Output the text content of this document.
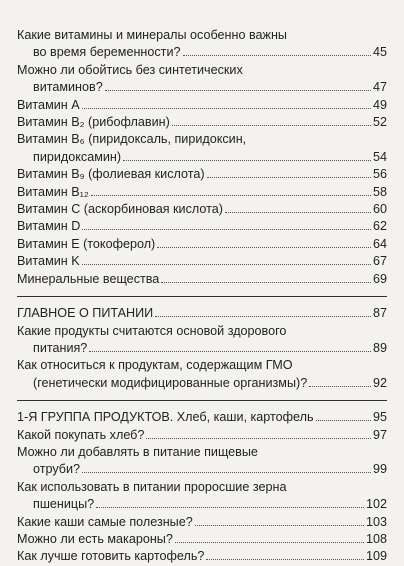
Какие витамины и минералы особенно важны
во время беременности?	45
Можно ли обойтись без синтетических
витаминов?	47
Витамин А	49
Витамин B₂ (рибофлавин)	52
Витамин B₆ (пиридоксаль, пиридоксин,
пиридоксамин)	54
Витамин B₉ (фолиевая кислота)	56
Витамин B₁₂	58
Витамин С (аскорбиновая кислота)	60
Витамин D	62
Витамин Е (токоферол)	64
Витамин K	67
Минеральные вещества	69
ГЛАВНОЕ О ПИТАНИИ	87
Какие продукты считаются основой здорового
питания?	89
Как относиться к продуктам, содержащим ГМО
(генетически модифицированные организмы)?	92
1-Я ГРУППА ПРОДУКТОВ. Хлеб, каши, картофель	95
Какой покупать хлеб?	97
Можно ли добавлять в питание пищевые
отруби?	99
Как использовать в питании проросшие зерна
пшеницы?	102
Какие каши самые полезные?	103
Можно ли есть макароны?	108
Как лучше готовить картофель?	109
